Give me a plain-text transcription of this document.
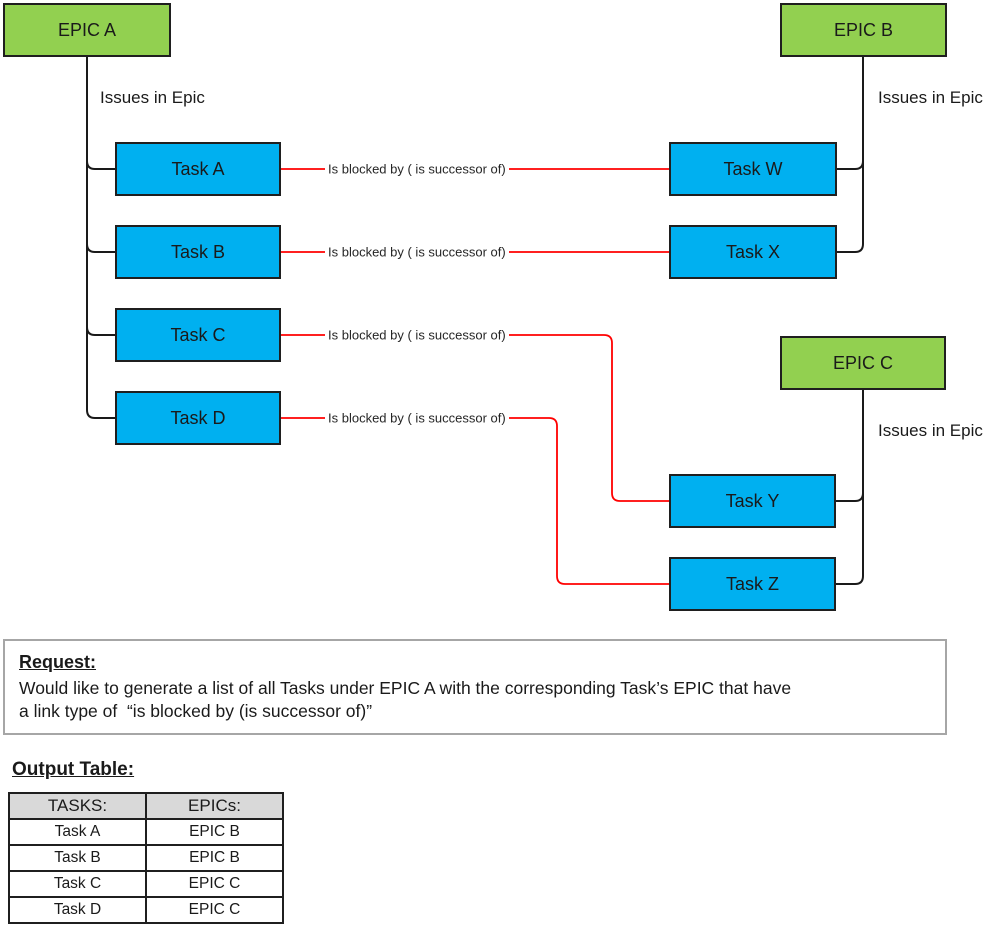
EPIC A	EPIC B
EPIC C
Task A
Task B
Task C
Task D
Task W
Task X
Task Y
Task Z
Issues in Epic	Issues in Epic
Issues in Epic
Is blocked by ( is successor of)
Is blocked by ( is successor of)
Is blocked by ( is successor of)
Is blocked by ( is successor of)
Request:
Would like to generate a list of all Tasks under EPIC A with the corresponding Task’s EPIC that have
a link type of  “is blocked by (is successor of)”
Output Table:
TASKS:	EPICs:
Task A	EPIC B
Task B	EPIC B
Task C	EPIC C
Task D	EPIC C
